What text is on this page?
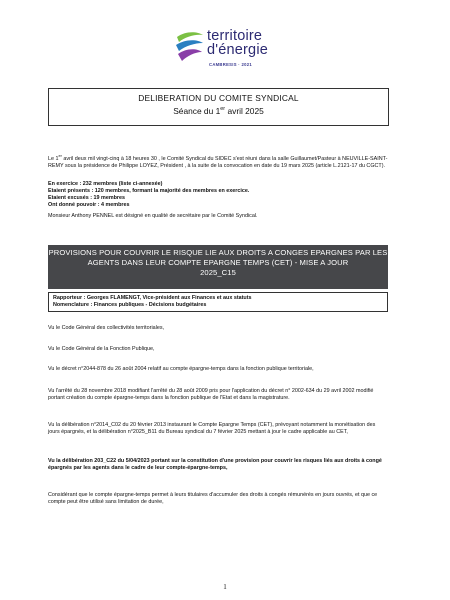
territoire
d'énergie
CAMBRESIS · 2021
DELIBERATION DU COMITE SYNDICAL
Séance du 1er avril 2025

Le 1er avril deux mil vingt-cinq à 18 heures 30 , le Comité Syndical du SIDEC s'est réuni dans la salle Guillaumet/Pasteur à NEUVILLE-SAINT-REMY sous la présidence de Philippe LOYEZ, Président , à la suite de la convocation en date du 19 mars 2025 (article L.2121-17 du CGCT).

En exercice : 232 membres (liste ci-annexée)

Etaient présents : 120 membres, formant la majorité des membres en exercice.

Etaient excusés : 19 membres

Ont donné pouvoir : 4 membres

Monsieur Anthony PENNEL est désigné en qualité de secrétaire par le Comité Syndical.
PROVISIONS POUR COUVRIR LE RISQUE LIE AUX DROITS A CONGES EPARGNES PAR LES
AGENTS DANS LEUR COMPTE EPARGNE TEMPS (CET) - MISE A JOUR
2025_C15
Rapporteur : Georges FLAMENGT, Vice-président aux Finances et aux statuts
Nomenclature : Finances publiques - Décisions budgétaires
Vu le Code Général des collectivités territoriales,
Vu le Code Général de la Fonction Publique,
Vu le décret n°2044-878 du 26 août 2004 relatif au compte épargne-temps dans la fonction publique territoriale,
Vu l'arrêté du 28 novembre 2018 modifiant l'arrêté du 28 août 2009 pris pour l'application du décret n° 2002-634 du 29 avril 2002 modifié portant création du compte épargne-temps dans la fonction publique de l'Etat et dans la magistrature.
Vu la délibération n°2014_C02 du 20 février 2013 instaurant le Compte Epargne Temps (CET), prévoyant notamment la monétisation des jours épargnés, et la délibération n°2025_B11 du Bureau syndical du 7 février 2025 mettant à jour le cadre applicable au CET,
Vu la délibération 203_C22 du 5/04/2023 portant sur la constitution d'une provision pour couvrir les risques liés aux droits à congé épargnés par les agents dans le cadre de leur compte-épargne-temps,
Considérant que le compte épargne-temps permet à leurs titulaires d'accumuler des droits à congés rémunérés en jours ouvrés, et que ce compte peut être utilisé sans limitation de durée,
1
